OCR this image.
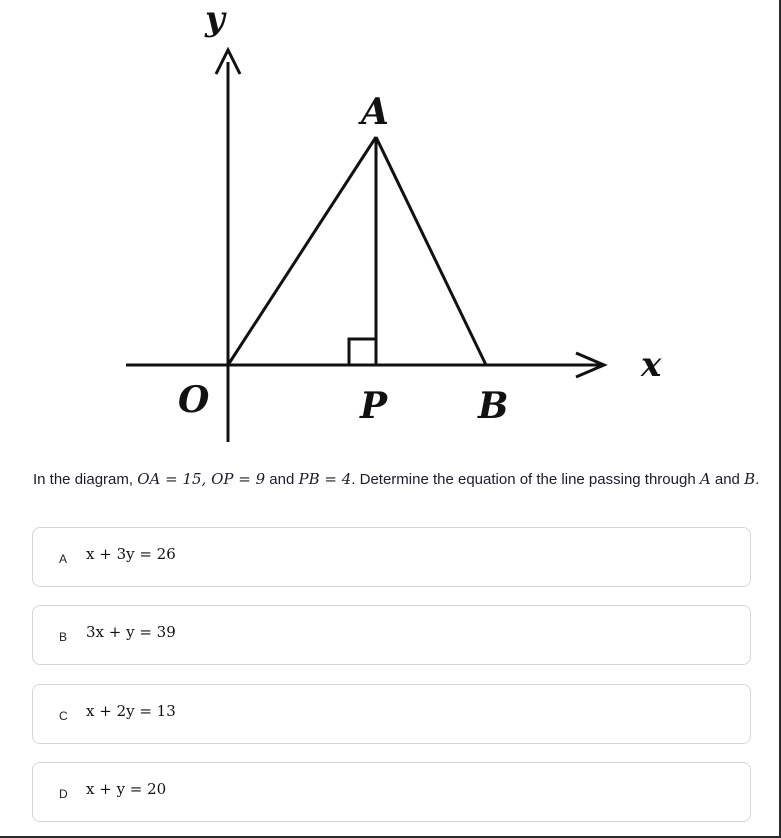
y
x
O
A
P	B
In the diagram, OA = 15, OP = 9 and PB = 4. Determine the equation of the line passing through A and B.
A x + 3y = 26
B 3x + y = 39
C x + 2y = 13
D x + y = 20
